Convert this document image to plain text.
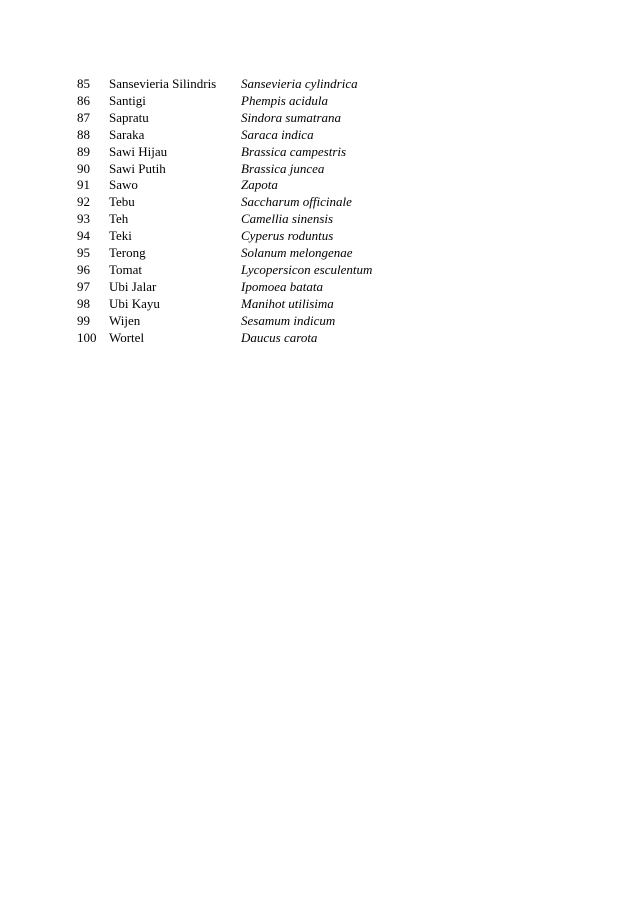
85	Sansevieria Silindris	Sansevieria cylindrica
86	Santigi	Phempis acidula
87	Sapratu	Sindora sumatrana
88	Saraka	Saraca indica
89	Sawi Hijau	Brassica campestris
90	Sawi Putih	Brassica juncea
91	Sawo	Zapota
92	Tebu	Saccharum officinale
93	Teh	Camellia sinensis
94	Teki	Cyperus roduntus
95	Terong	Solanum melongenae
96	Tomat	Lycopersicon esculentum
97	Ubi Jalar	Ipomoea batata
98	Ubi Kayu	Manihot utilisima
99	Wijen	Sesamum indicum
100	Wortel	Daucus carota
